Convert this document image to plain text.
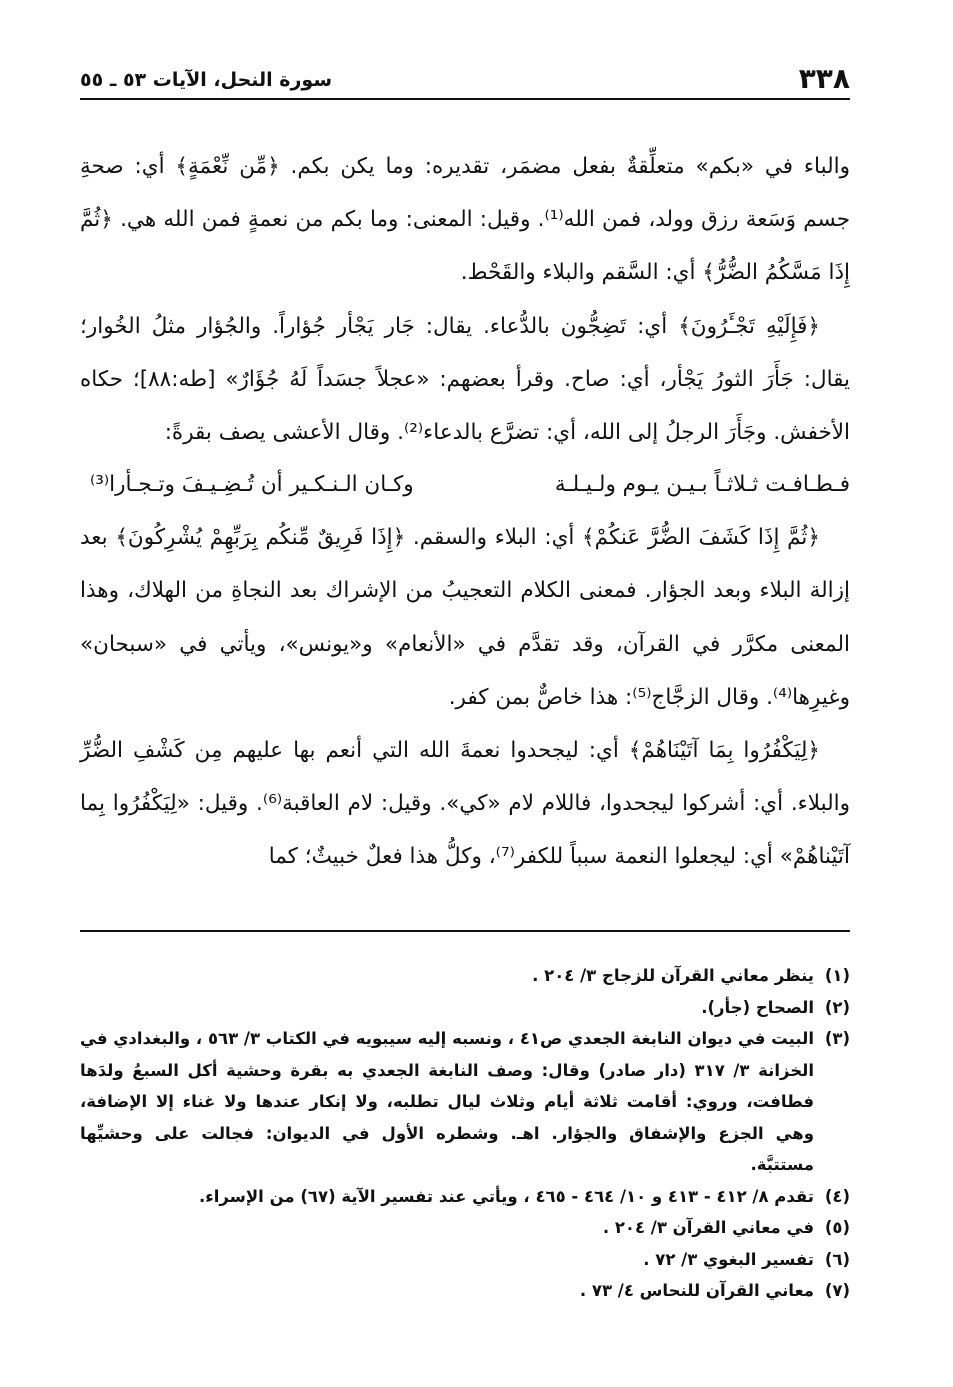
٣٣٨
سورة النحل، الآيات ٥٣ ـ ٥٥

والباء في «بكم» متعلِّقةٌ بفعل مضمَر، تقديره: وما يكن بكم. ﴿مِّن نِّعْمَةٍ﴾ أي: صحةِ جسم وَسَعة رزق وولد، فمن الله⁽¹⁾. وقيل: المعنى: وما بكم من نعمةٍ فمن الله هي. ﴿ثُمَّ إِذَا مَسَّكُمُ الضُّرُّ﴾ أي: السَّقم والبلاء والقَحْط.

﴿فَإِلَيْهِ تَجْـَٔرُونَ﴾ أي: تَضِجُّون بالدُّعاء. يقال: جَار يَجْأر جُؤاراً. والجُؤار مثلُ الخُوار؛ يقال: جَأَرَ الثورُ يَجْأر، أي: صاح. وقرأ بعضهم: «عجلاً جسَداً لَهُ جُؤَارٌ» [طه:٨٨]؛ حكاه الأخفش. وجَأَرَ الرجلُ إلى الله، أي: تضرَّع بالدعاء⁽²⁾. وقال الأعشى يصف بقرةً:

فـطـافـت ثـلاثـاً بـيـن يـوم ولـيـلـة
وكـان الـنـكـير أن تُـضِـيـفَ وتـجـأرا⁽³⁾

﴿ثُمَّ إِذَا كَشَفَ الضُّرَّ عَنكُمْ﴾ أي: البلاء والسقم. ﴿إِذَا فَرِيقٌ مِّنكُم بِرَبِّهِمْ يُشْرِكُونَ﴾ بعد إزالة البلاء وبعد الجؤار. فمعنى الكلام التعجيبُ من الإشراك بعد النجاةِ من الهلاك، وهذا المعنى مكرَّر في القرآن، وقد تقدَّم في «الأنعام» و«يونس»، ويأتي في «سبحان» وغيرِها⁽⁴⁾. وقال الزجَّاج⁽⁵⁾: هذا خاصٌّ بمن كفر.

﴿لِيَكْفُرُوا بِمَا آتَيْنَاهُمْ﴾ أي: ليجحدوا نعمةَ الله التي أنعم بها عليهم مِن كَشْفِ الضُّرِّ والبلاء. أي: أشركوا ليجحدوا، فاللام لام «كي». وقيل: لام العاقبة⁽⁶⁾. وقيل: «لِيَكْفُرُوا بِما آتَيْناهُمْ» أي: ليجعلوا النعمة سبباً للكفر⁽⁷⁾، وكلُّ هذا فعلٌ خبيثٌ؛ كما

(١)
ينظر معاني القرآن للزجاج ٣/ ٢٠٤ .

(٢)
الصحاح (جأر).

(٣)
البيت في ديوان النابغة الجعدي ص٤١ ، ونسبه إليه سيبويه في الكتاب ٣/ ٥٦٣ ، والبغدادي في الخزانة ٣/ ٣١٧ (دار صادر) وقال: وصف النابغة الجعدي به بقرة وحشية أكل السبعُ ولدَها فطافت، وروي: أقامت ثلاثة أيام وثلاث ليال تطلبه، ولا إنكار عندها ولا غناء إلا الإضافة، وهي الجزع والإشفاق والجؤار. اهـ. وشطره الأول في الديوان: فجالت على وحشيِّها مستتبَّة.

(٤)
تقدم ٨/ ٤١٢ - ٤١٣ و ١٠/ ٤٦٤ - ٤٦٥ ، ويأتي عند تفسير الآية (٦٧) من الإسراء.

(٥)
في معاني القرآن ٣/ ٢٠٤ .

(٦)
تفسير البغوي ٣/ ٧٢ .

(٧)
معاني القرآن للنحاس ٤/ ٧٣ .
